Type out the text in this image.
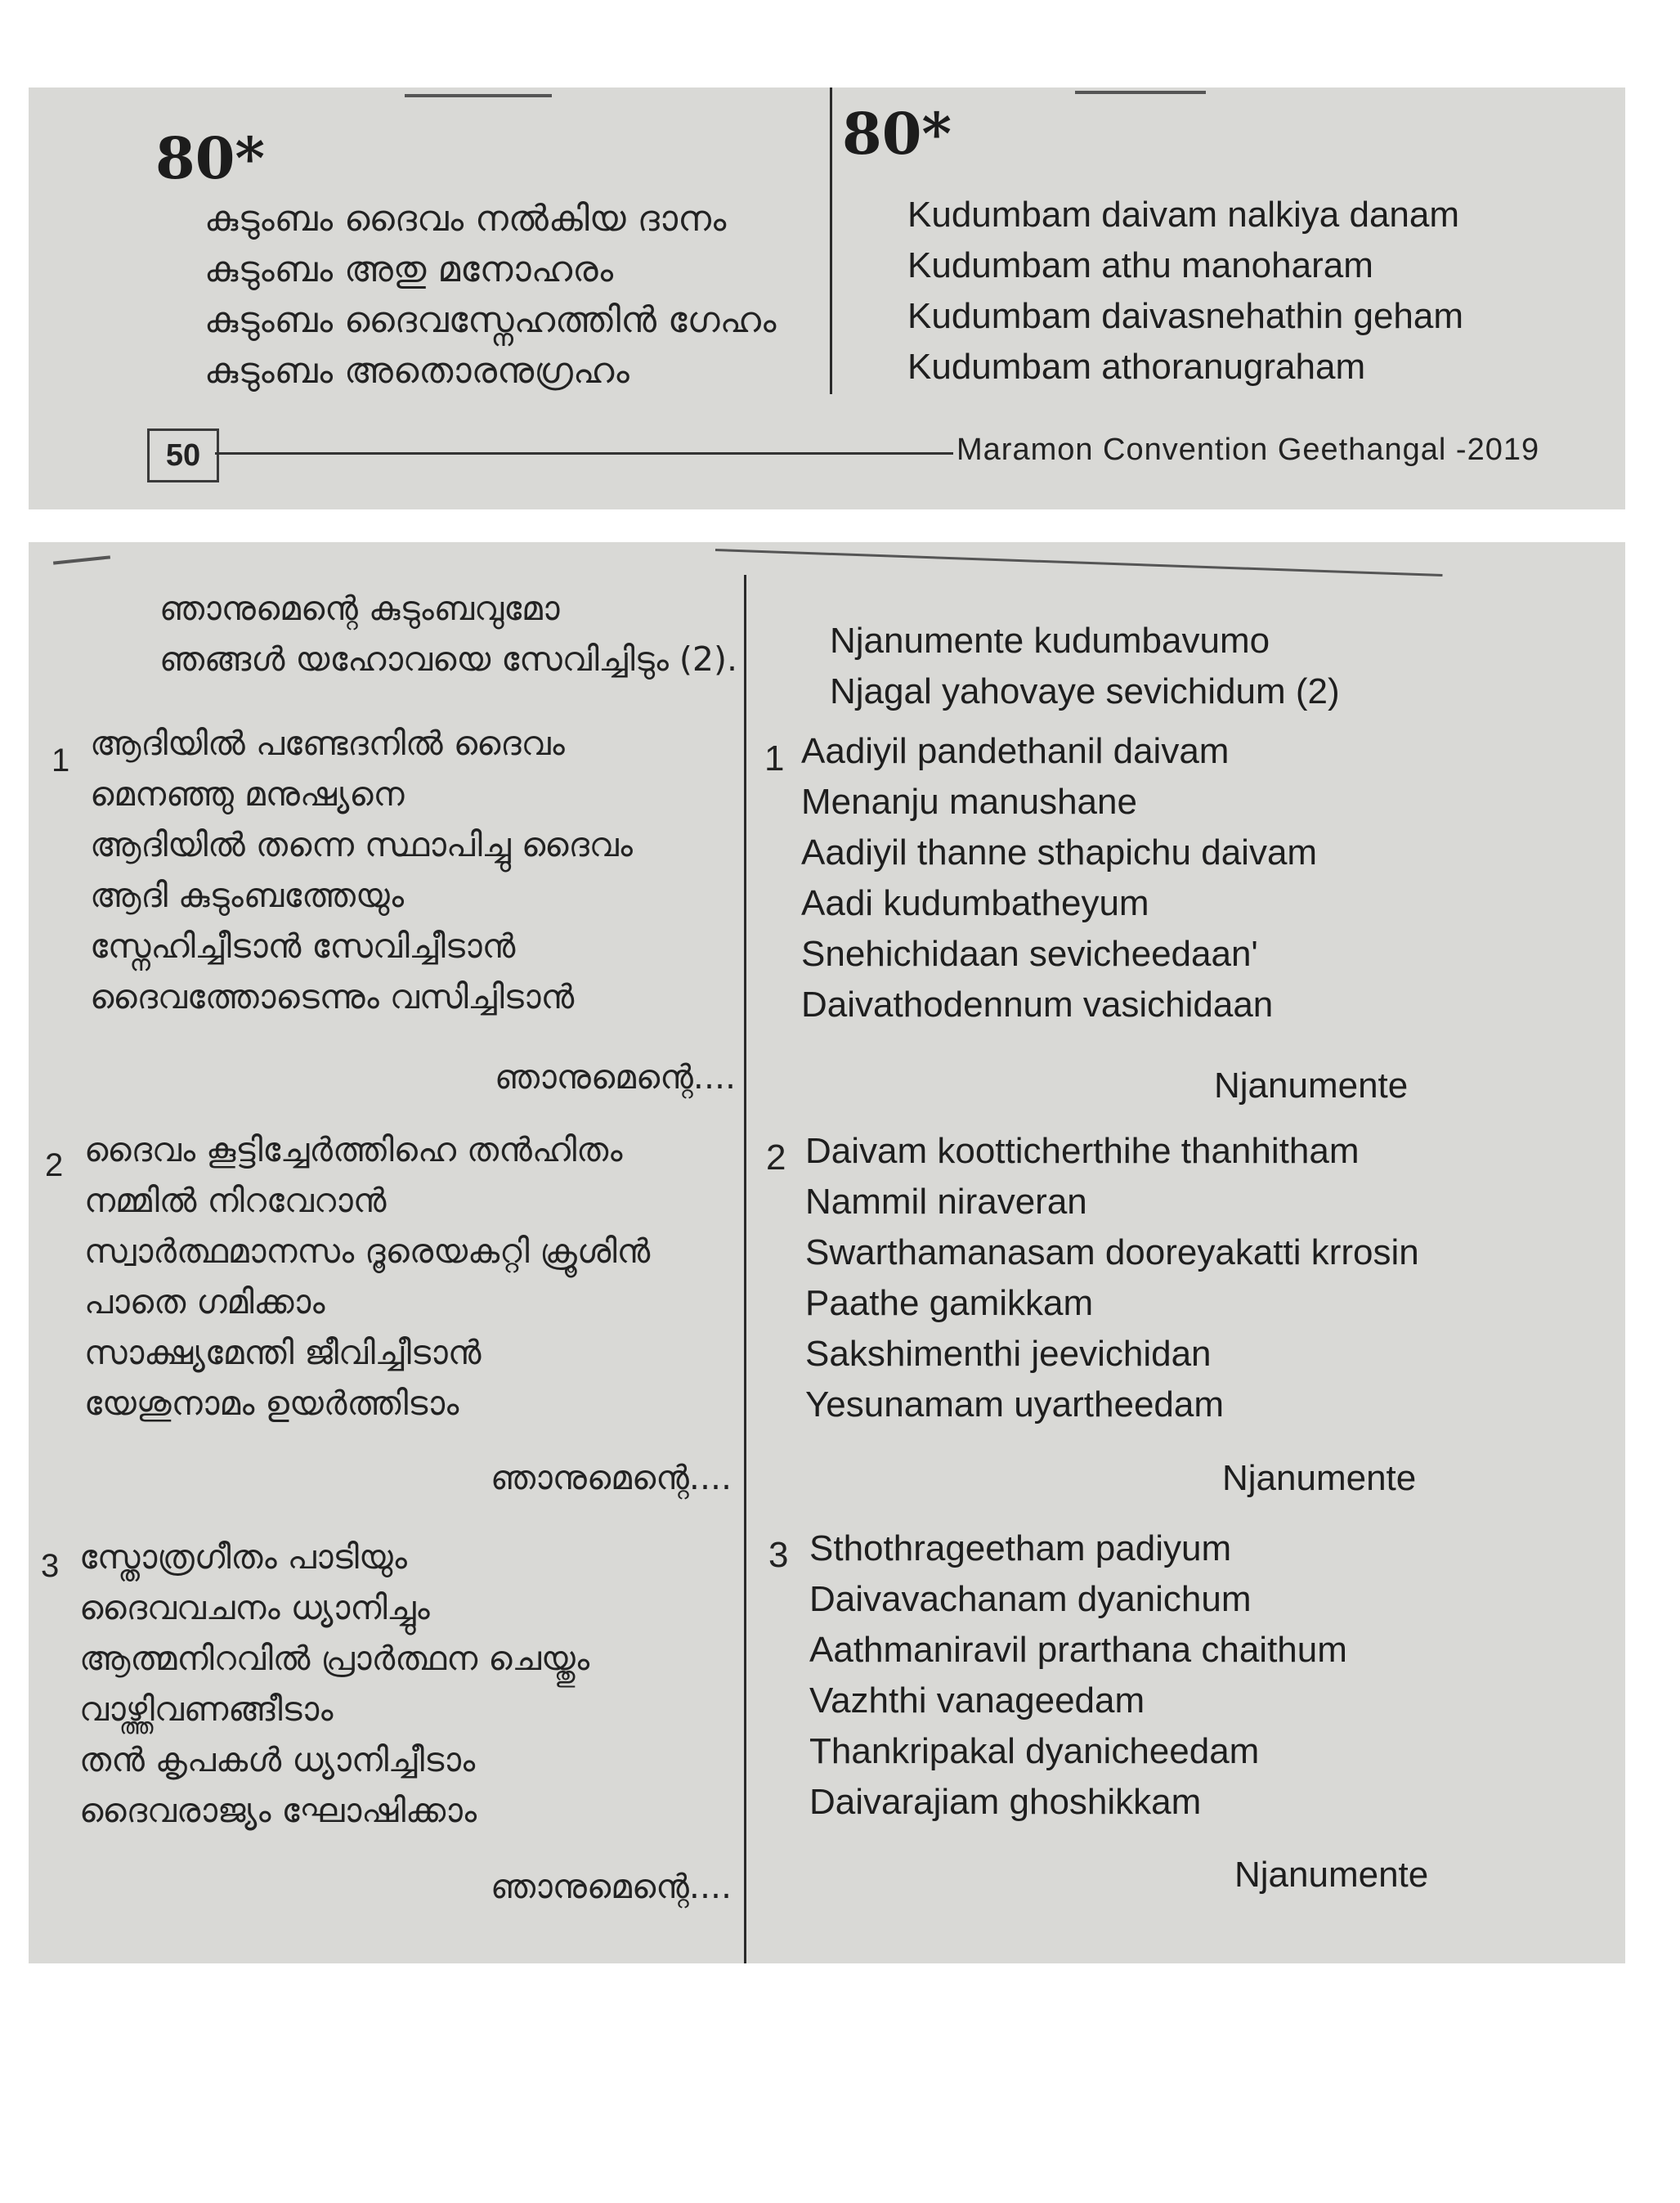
80*
കുടുംബം ദൈവം നൽകിയ ദാനം
കുടുംബം അതു മനോഹരം
കുടുംബം ദൈവസ്നേഹത്തിൻ ഗേഹം
കുടുംബം അതൊരനുഗ്രഹം
80*
Kudumbam daivam nalkiya danam
Kudumbam athu manoharam
Kudumbam daivasnehathin geham
Kudumbam athoranugraham
50	Maramon Convention Geethangal -2019
ഞാനുമെന്റെ കുടുംബവുമോ
ഞങ്ങൾ യഹോവയെ സേവിച്ചിടും (2).
1 ആദിയിൽ പണ്ടേദനിൽ ദൈവം
മെനഞ്ഞു മനുഷ്യനെ
ആദിയിൽ തന്നെ സ്ഥാപിച്ചു ദൈവം
ആദി കുടുംബത്തേയും
സ്നേഹിച്ചീടാൻ സേവിച്ചീടാൻ
ദൈവത്തോടെന്നും വസിച്ചിടാൻ
ഞാനുമെന്റെ....
2 ദൈവം കൂട്ടിച്ചേർത്തിഹെ തൻഹിതം
നമ്മിൽ നിറവേറാൻ
സ്വാർത്ഥമാനസം ദൂരെയകറ്റി ക്രൂശിൻ
പാതെ ഗമിക്കാം
സാക്ഷ്യമേന്തി ജീവിച്ചീടാൻ
യേശുനാമം ഉയർത്തിടാം
ഞാനുമെന്റെ....
3 സ്തോത്രഗീതം പാടിയും
ദൈവവചനം ധ്യാനിച്ചും
ആത്മനിറവിൽ പ്രാർത്ഥന ചെയ്തും
വാഴ്ത്തിവണങ്ങീടാം
തൻ കൃപകൾ ധ്യാനിച്ചീടാം
ദൈവരാജ്യം ഘോഷിക്കാം
ഞാനുമെന്റെ....
Njanumente kudumbavumo
Njagal yahovaye sevichidum (2)
1 Aadiyil pandethanil daivam
Menanju manushane
Aadiyil thanne sthapichu daivam
Aadi kudumbatheyum
Snehichidaan sevicheedaan'
Daivathodennum vasichidaan
Njanumente
2 Daivam kootticherthihe thanhitham
Nammil niraveran
Swarthamanasam dooreyakatti krrosin
Paathe gamikkam
Sakshimenthi jeevichidan
Yesunamam uyartheedam
Njanumente
3 Sthothrageetham padiyum
Daivavachanam dyanichum
Aathmaniravil prarthana chaithum
Vazhthi vanageedam
Thankripakal dyanicheedam
Daivarajiam ghoshikkam
Njanumente
